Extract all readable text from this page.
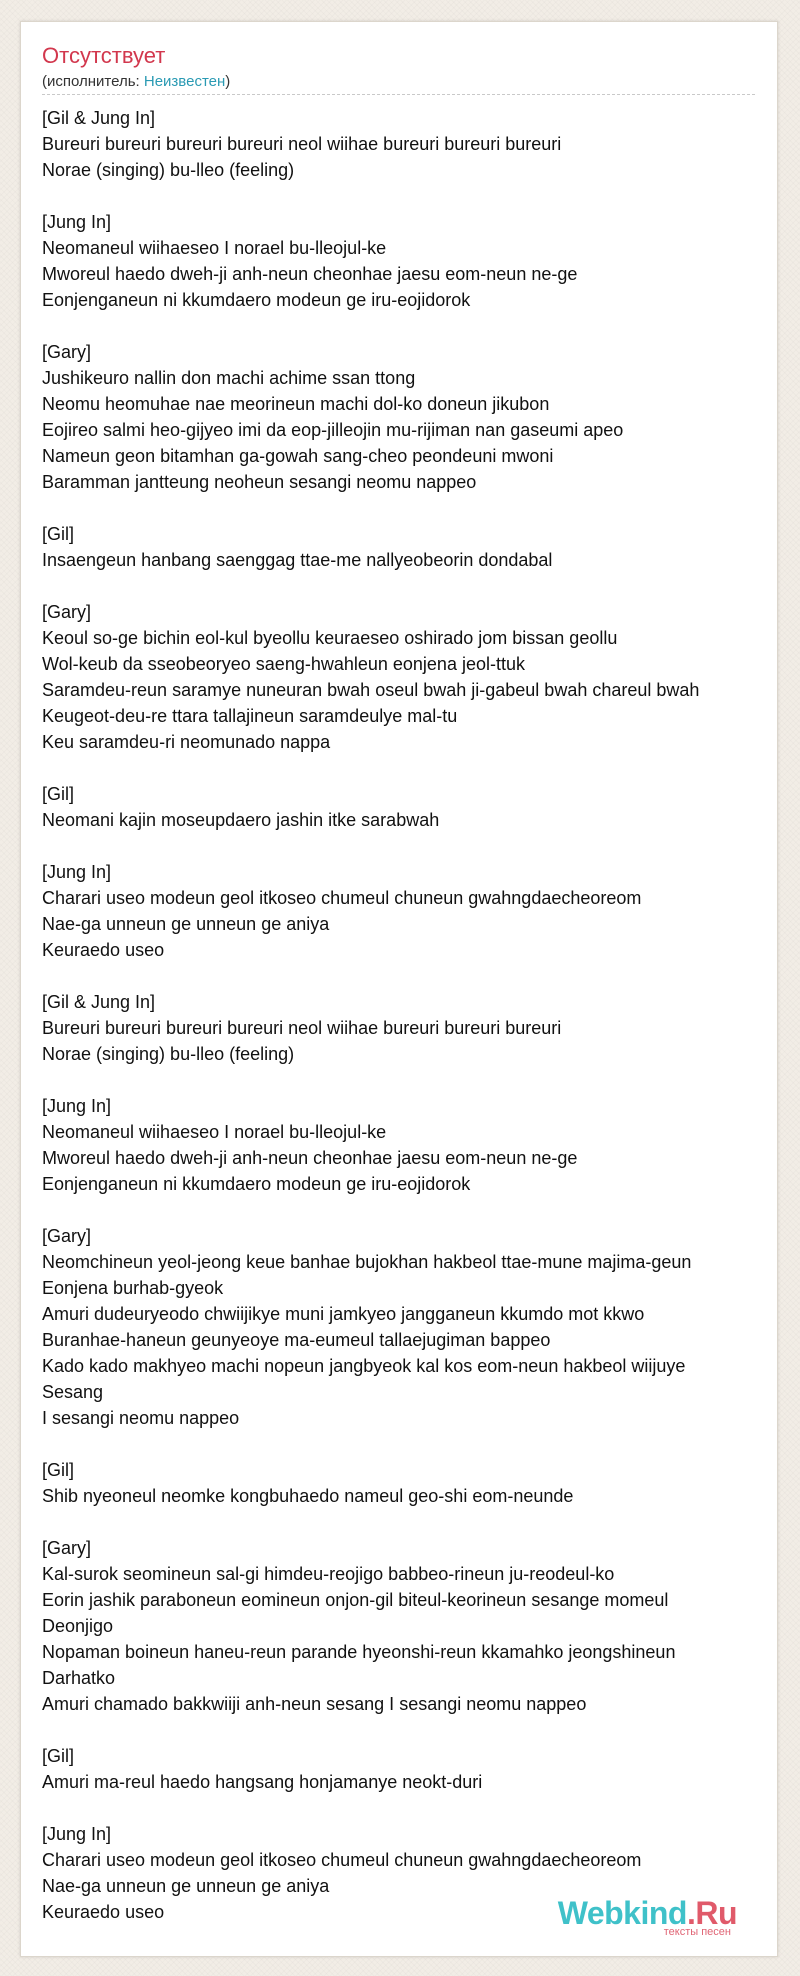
Отсутствует
(исполнитель: Неизвестен)
[Gil & Jung In]
Bureuri bureuri bureuri bureuri neol wiihae bureuri bureuri bureuri
Norae (singing) bu-lleo (feeling)
[Jung In]
Neomaneul wiihaeseo I norael bu-lleojul-ke
Mworeul haedo dweh-ji anh-neun cheonhae jaesu eom-neun ne-ge
Eonjenganeun ni kkumdaero modeun ge iru-eojidorok
[Gary]
Jushikeuro nallin don machi achime ssan ttong
Neomu heomuhae nae meorineun machi dol-ko doneun jikubon
Eojireo salmi heo-gijyeo imi da eop-jilleojin mu-rijiman nan gaseumi apeo
Nameun geon bitamhan ga-gowah sang-cheo peondeuni mwoni
Baramman jantteung neoheun sesangi neomu nappeo
[Gil]
Insaengeun hanbang saenggag ttae-me nallyeobeorin dondabal
[Gary]
Keoul so-ge bichin eol-kul byeollu keuraeseo oshirado jom bissan geollu
Wol-keub da sseobeoryeo saeng-hwahleun eonjena jeol-ttuk
Saramdeu-reun saramye nuneuran bwah oseul bwah ji-gabeul bwah chareul bwah
Keugeot-deu-re ttara tallajineun saramdeulye mal-tu
Keu saramdeu-ri neomunado nappa
[Gil]
Neomani kajin moseupdaero jashin itke sarabwah
[Jung In]
Charari useo modeun geol itkoseo chumeul chuneun gwahngdaecheoreom
Nae-ga unneun ge unneun ge aniya
Keuraedo useo
[Gil & Jung In]
Bureuri bureuri bureuri bureuri neol wiihae bureuri bureuri bureuri
Norae (singing) bu-lleo (feeling)
[Jung In]
Neomaneul wiihaeseo I norael bu-lleojul-ke
Mworeul haedo dweh-ji anh-neun cheonhae jaesu eom-neun ne-ge
Eonjenganeun ni kkumdaero modeun ge iru-eojidorok
[Gary]
Neomchineun yeol-jeong keue banhae bujokhan hakbeol ttae-mune majima-geun
Eonjena burhab-gyeok
Amuri dudeuryeodo chwiijikye muni jamkyeo jangganeun kkumdo mot kkwo
Buranhae-haneun geunyeoye ma-eumeul tallaejugiman bappeo
Kado kado makhyeo machi nopeun jangbyeok kal kos eom-neun hakbeol wiijuye
Sesang
I sesangi neomu nappeo
[Gil]
Shib nyeoneul neomke kongbuhaedo nameul geo-shi eom-neunde
[Gary]
Kal-surok seomineun sal-gi himdeu-reojigo babbeo-rineun ju-reodeul-ko
Eorin jashik paraboneun eomineun onjon-gil biteul-keorineun sesange momeul
Deonjigo
Nopaman boineun haneu-reun parande hyeonshi-reun kkamahko jeongshineun
Darhatko
Amuri chamado bakkwiiji anh-neun sesang I sesangi neomu nappeo
[Gil]
Amuri ma-reul haedo hangsang honjamanye neokt-duri
[Jung In]
Charari useo modeun geol itkoseo chumeul chuneun gwahngdaecheoreom
Nae-ga unneun ge unneun ge aniya
Keuraedo useo	Webkind.Ru
тексты песен
